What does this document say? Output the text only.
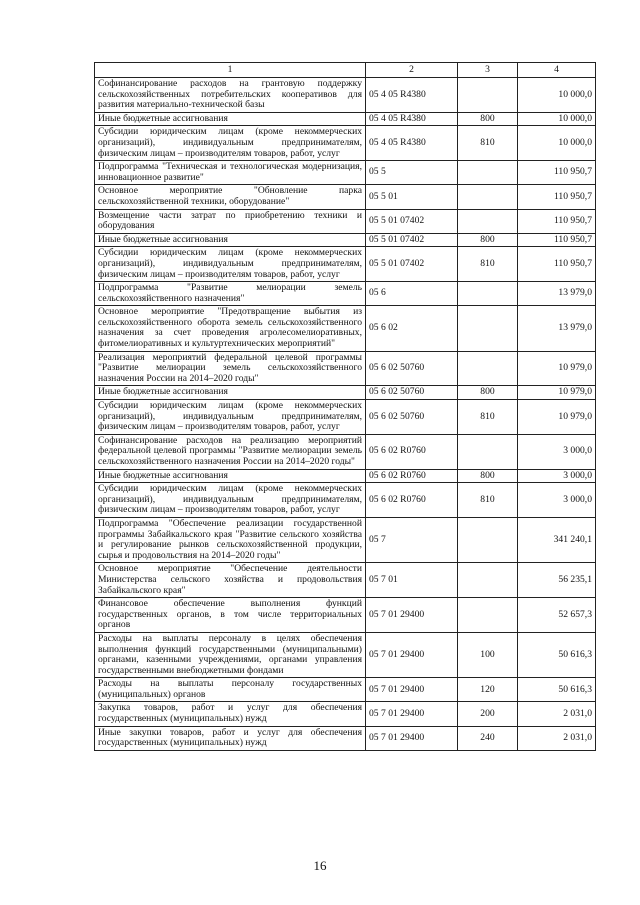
1	2	3	4
Софинансирование расходов на грантовую поддержку сельскохозяйственных потребительских кооперативов для развития материально-технической базы	05 4 05 R4380		10 000,0
Иные бюджетные ассигнования	05 4 05 R4380	800	10 000,0
Субсидии юридическим лицам (кроме некоммерческих организаций), индивидуальным предпринимателям, физическим лицам – производителям товаров, работ, услуг	05 4 05 R4380	810	10 000,0
Подпрограмма "Техническая и технологическая модернизация, инновационное развитие"	05 5		110 950,7
Основное мероприятие "Обновление парка сельскохозяйственной техники, оборудование"	05 5 01		110 950,7
Возмещение части затрат по приобретению техники и оборудования	05 5 01 07402		110 950,7
Иные бюджетные ассигнования	05 5 01 07402	800	110 950,7
Субсидии юридическим лицам (кроме некоммерческих организаций), индивидуальным предпринимателям, физическим лицам – производителям товаров, работ, услуг	05 5 01 07402	810	110 950,7
Подпрограмма "Развитие мелиорации земель сельскохозяйственного назначения"	05 6		13 979,0
Основное мероприятие "Предотвращение выбытия из сельскохозяйственного оборота земель сельскохозяйственного назначения за счет проведения агролесомелиоративных, фитомелиоративных и культуртехнических мероприятий"	05 6 02		13 979,0
Реализация мероприятий федеральной целевой программы "Развитие мелиорации земель сельскохозяйственного назначения России на 2014–2020 годы"	05 6 02 50760		10 979,0
Иные бюджетные ассигнования	05 6 02 50760	800	10 979,0
Субсидии юридическим лицам (кроме некоммерческих организаций), индивидуальным предпринимателям, физическим лицам – производителям товаров, работ, услуг	05 6 02 50760	810	10 979,0
Софинансирование расходов на реализацию мероприятий федеральной целевой программы "Развитие мелиорации земель сельскохозяйственного назначения России на 2014–2020 годы"	05 6 02 R0760		3 000,0
Иные бюджетные ассигнования	05 6 02 R0760	800	3 000,0
Субсидии юридическим лицам (кроме некоммерческих организаций), индивидуальным предпринимателям, физическим лицам – производителям товаров, работ, услуг	05 6 02 R0760	810	3 000,0
Подпрограмма "Обеспечение реализации государственной программы Забайкальского края "Развитие сельского хозяйства и регулирование рынков сельскохозяйственной продукции, сырья и продовольствия на 2014–2020 годы"	05 7		341 240,1
Основное мероприятие "Обеспечение деятельности Министерства сельского хозяйства и продовольствия Забайкальского края"	05 7 01		56 235,1
Финансовое обеспечение выполнения функций государственных органов, в том числе территориальных органов	05 7 01 29400		52 657,3
Расходы на выплаты персоналу в целях обеспечения выполнения функций государственными (муниципальными) органами, казенными учреждениями, органами управления государственными внебюджетными фондами	05 7 01 29400	100	50 616,3
Расходы на выплаты персоналу государственных (муниципальных) органов	05 7 01 29400	120	50 616,3
Закупка товаров, работ и услуг для обеспечения государственных (муниципальных) нужд	05 7 01 29400	200	2 031,0
Иные закупки товаров, работ и услуг для обеспечения государственных (муниципальных) нужд	05 7 01 29400	240	2 031,0
16
